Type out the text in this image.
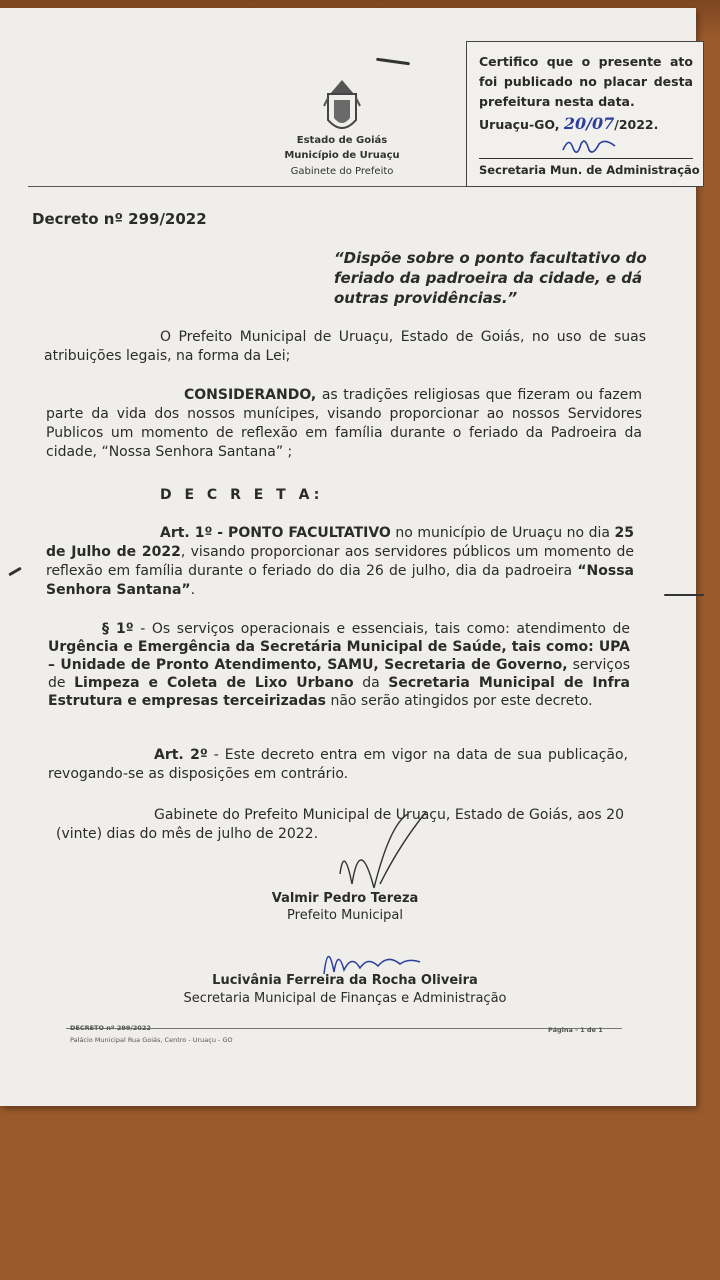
Estado de Goiás
Município de Uruaçu
Gabinete do Prefeito
Certifico que o presente ato foi publicado no placar desta prefeitura nesta data.
Uruaçu-GO, 20/07/2022.
Secretaria Mun. de Administração
Decreto nº 299/2022
“Dispõe sobre o ponto facultativo do feriado da padroeira da cidade, e dá outras providências.”
O Prefeito Municipal de Uruaçu, Estado de Goiás, no uso de suas atribuições legais, na forma da Lei;
CONSIDERANDO, as tradições religiosas que fizeram ou fazem parte da vida dos nossos munícipes, visando proporcionar ao nossos Servidores Publicos um momento de reflexão em família durante o feriado da Padroeira da cidade, “Nossa Senhora Santana” ;
D E C R E T A:
Art. 1º - PONTO FACULTATIVO no município de Uruaçu no dia 25 de Julho de 2022, visando proporcionar aos servidores públicos um momento de reflexão em família durante o feriado do dia 26 de julho, dia da padroeira “Nossa Senhora Santana”.
§ 1º - Os serviços operacionais e essenciais, tais como: atendimento de Urgência e Emergência da Secretária Municipal de Saúde, tais como: UPA – Unidade de Pronto Atendimento, SAMU, Secretaria de Governo, serviços de Limpeza e Coleta de Lixo Urbano da Secretaria Municipal de Infra Estrutura e empresas terceirizadas não serão atingidos por este decreto.
Art. 2º - Este decreto entra em vigor na data de sua publicação, revogando-se as disposições em contrário.
Gabinete do Prefeito Municipal de Uruaçu, Estado de Goiás, aos 20 (vinte) dias do mês de julho de 2022.
Valmir Pedro Tereza
Prefeito Municipal
Lucivânia Ferreira da Rocha Oliveira
Secretaria Municipal de Finanças e Administração
DECRETO nº 299/2022
Palácio Municipal Rua Goiás, Centro - Uruaçu - GO
Página - 1 de 1
